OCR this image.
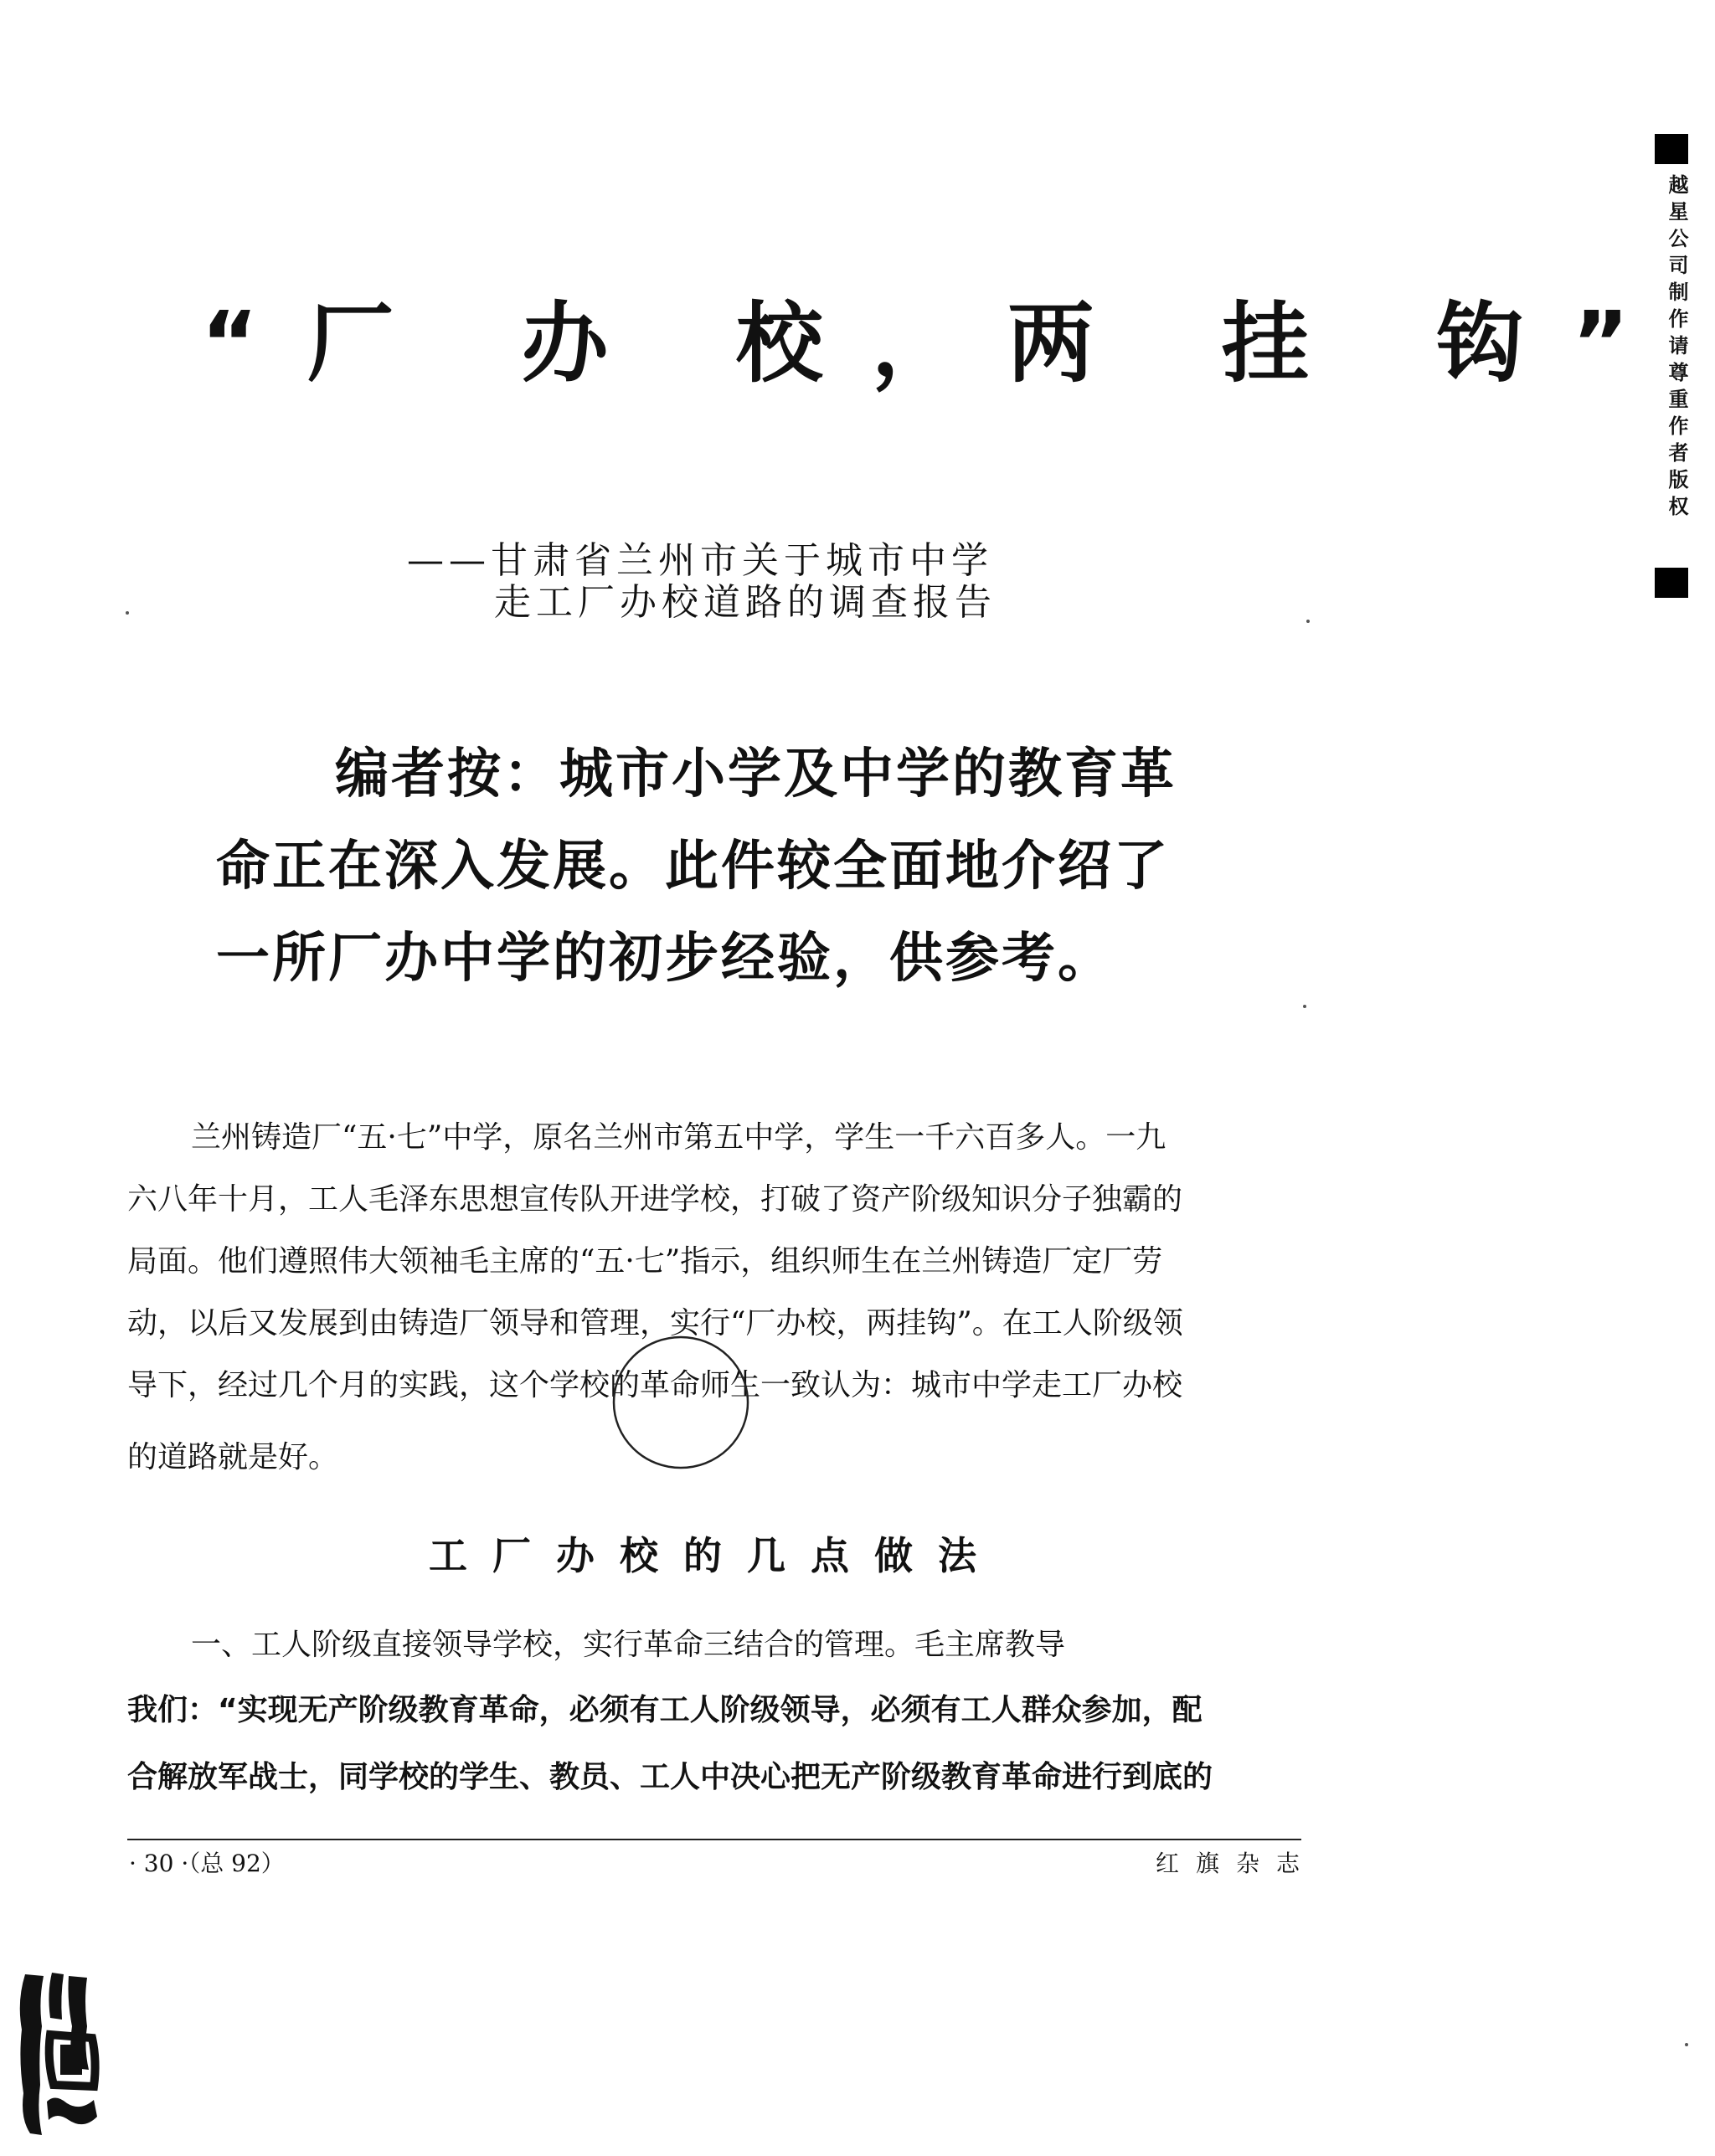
越星公司制作请尊重作者版权
“厂 办 校，两 挂 钩”
——甘肃省兰州市关于城市中学
走工厂办校道路的调查报告
编者按：城市小学及中学的教育革
命正在深入发展。此件较全面地介绍了
一所厂办中学的初步经验，供参考。
兰州铸造厂“五·七”中学，原名兰州市第五中学，学生一千六百多人。一九
六八年十月，工人毛泽东思想宣传队开进学校，打破了资产阶级知识分子独霸的
局面。他们遵照伟大领袖毛主席的“五·七”指示，组织师生在兰州铸造厂定厂劳
动，以后又发展到由铸造厂领导和管理，实行“厂办校，两挂钩”。在工人阶级领
导下，经过几个月的实践，这个学校的革命师生一致认为：城市中学走工厂办校
的道路就是好。
工厂办校的几点做法
一、工人阶级直接领导学校，实行革命三结合的管理。毛主席教导
我们：“实现无产阶级教育革命，必须有工人阶级领导，必须有工人群众参加，配
合解放军战士，同学校的学生、教员、工人中决心把无产阶级教育革命进行到底的
· 30 ·（总 92）	红旗杂志
